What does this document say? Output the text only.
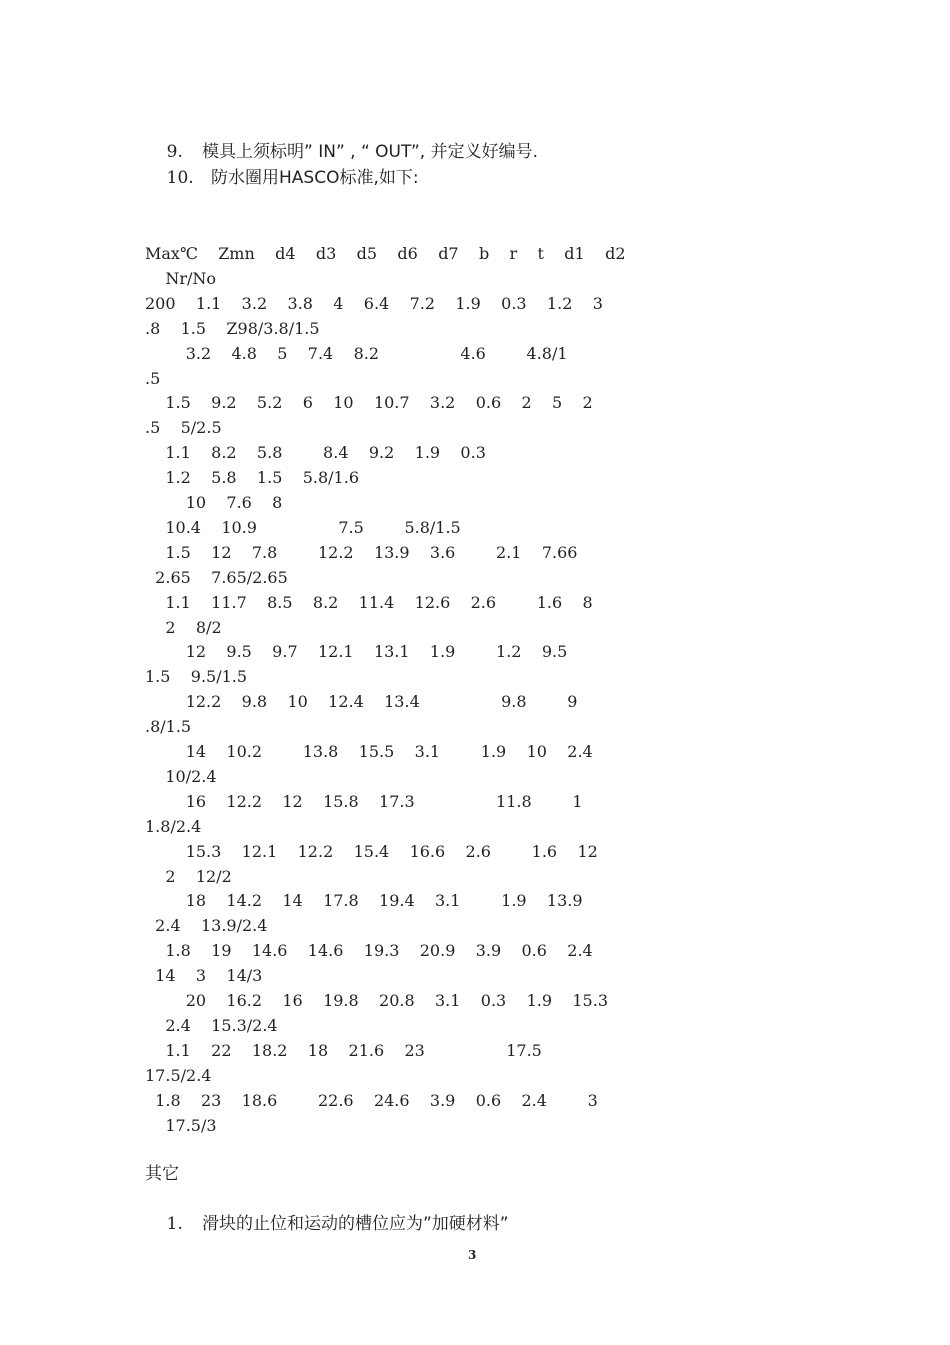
9. 模具上须标明” IN” , “ OUT”, 并定义好编号.

10. 防水圈用HASCO标准,如下:

Max℃    Zmn    d4    d3    d5    d6    d7    b    r    t    d1    d2
Nr/No
200    1.1    3.2    3.8    4    6.4    7.2    1.9    0.3    1.2    3
.8    1.5    Z98/3.8/1.5
3.2    4.8    5    7.4    8.2                4.6        4.8/1
.5
1.5    9.2    5.2    6    10    10.7    3.2    0.6    2    5    2
.5    5/2.5
1.1    8.2    5.8        8.4    9.2    1.9    0.3
1.2    5.8    1.5    5.8/1.6
10    7.6    8
10.4    10.9                7.5        5.8/1.5
1.5    12    7.8        12.2    13.9    3.6        2.1    7.66
2.65    7.65/2.65
1.1    11.7    8.5    8.2    11.4    12.6    2.6        1.6    8
2    8/2
12    9.5    9.7    12.1    13.1    1.9        1.2    9.5
1.5    9.5/1.5
12.2    9.8    10    12.4    13.4                9.8        9
.8/1.5
14    10.2        13.8    15.5    3.1        1.9    10    2.4
10/2.4
16    12.2    12    15.8    17.3                11.8        1
1.8/2.4
15.3    12.1    12.2    15.4    16.6    2.6        1.6    12
2    12/2
18    14.2    14    17.8    19.4    3.1        1.9    13.9
2.4    13.9/2.4
1.8    19    14.6    14.6    19.3    20.9    3.9    0.6    2.4
14    3    14/3
20    16.2    16    19.8    20.8    3.1    0.3    1.9    15.3
2.4    15.3/2.4
1.1    22    18.2    18    21.6    23                17.5
17.5/2.4
1.8    23    18.6        22.6    24.6    3.9    0.6    2.4        3
17.5/3
其它

1. 滑块的止位和运动的槽位应为”加硬材料”

3
